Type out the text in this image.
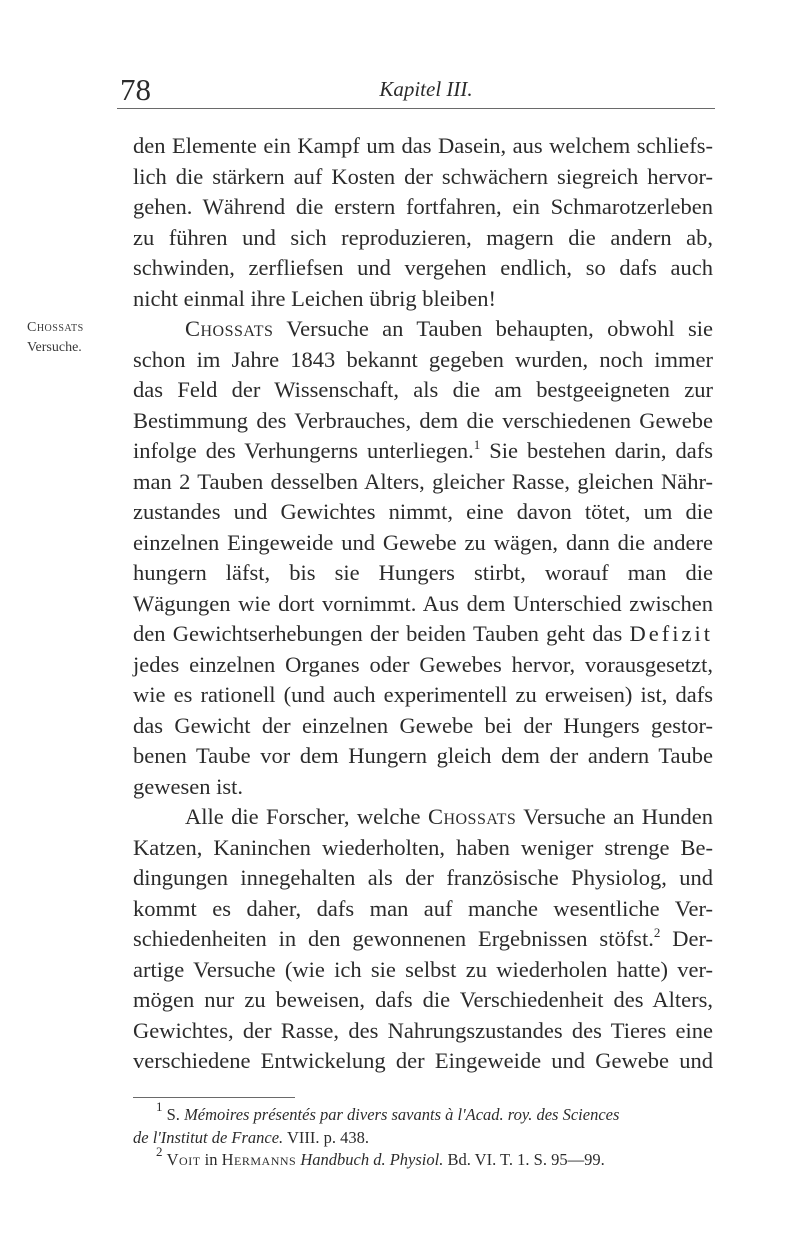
78	Kapitel III.
Chossats
Versuche.
den Elemente ein Kampf um das Dasein, aus welchem schliefs-
lich die stärkern auf Kosten der schwächern siegreich hervor-
gehen. Während die erstern fortfahren, ein Schmarotzerleben
zu führen und sich reproduzieren, magern die andern ab,
schwinden, zerfliefsen und vergehen endlich, so dafs auch
nicht einmal ihre Leichen übrig bleiben!
Chossats Versuche an Tauben behaupten, obwohl sie
schon im Jahre 1843 bekannt gegeben wurden, noch immer
das Feld der Wissenschaft, als die am bestgeeigneten zur
Bestimmung des Verbrauches, dem die verschiedenen Gewebe
infolge des Verhungerns unterliegen.$^1$ Sie bestehen darin, dafs
man 2 Tauben desselben Alters, gleicher Rasse, gleichen Nähr-
zustandes und Gewichtes nimmt, eine davon tötet, um die
einzelnen Eingeweide und Gewebe zu wägen, dann die andere
hungern läfst, bis sie Hungers stirbt, worauf man die
Wägungen wie dort vornimmt. Aus dem Unterschied zwischen
den Gewichtserhebungen der beiden Tauben geht das Defizit
jedes einzelnen Organes oder Gewebes hervor, vorausgesetzt,
wie es rationell (und auch experimentell zu erweisen) ist, dafs
das Gewicht der einzelnen Gewebe bei der Hungers gestor-
benen Taube vor dem Hungern gleich dem der andern Taube
gewesen ist.
Alle die Forscher, welche Chossats Versuche an Hunden
Katzen, Kaninchen wiederholten, haben weniger strenge Be-
dingungen innegehalten als der französische Physiolog, und
kommt es daher, dafs man auf manche wesentliche Ver-
schiedenheiten in den gewonnenen Ergebnissen stöfst.$^2$ Der-
artige Versuche (wie ich sie selbst zu wiederholen hatte) ver-
mögen nur zu beweisen, dafs die Verschiedenheit des Alters,
Gewichtes, der Rasse, des Nahrungszustandes des Tieres eine
verschiedene Entwickelung der Eingeweide und Gewebe und
$^1$ S. Mémoires présentés par divers savants à l'Acad. roy. des Sciences
de l'Institut de France. VIII. p. 438.
$^2$ Voit in Hermanns Handbuch d. Physiol. Bd. VI. T. 1. S. 95—99.
